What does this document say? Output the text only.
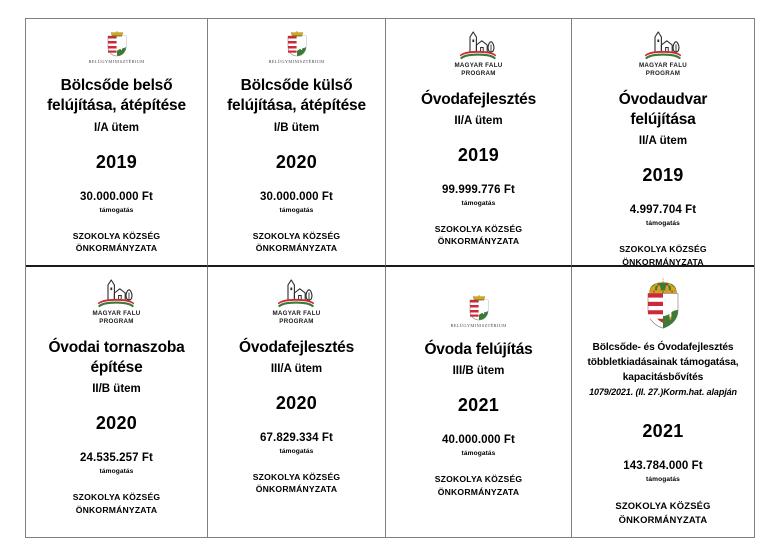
BELÜGYMINISZTÉRIUM
Bölcsőde belső
felújítása, átépítése
I/A ütem
2019
30.000.000 Ft
támogatás
SZOKOLYA KÖZSÉG
ÖNKORMÁNYZATA
BELÜGYMINISZTÉRIUM
Bölcsőde külső
felújítása, átépítése
I/B ütem
2020
30.000.000 Ft
támogatás
SZOKOLYA KÖZSÉG
ÖNKORMÁNYZATA
MAGYAR FALU
PROGRAM
Óvodafejlesztés
II/A ütem
2019
99.999.776 Ft
támogatás
SZOKOLYA KÖZSÉG
ÖNKORMÁNYZATA
MAGYAR FALU
PROGRAM
Óvodaudvar
felújítása
II/A ütem
2019
4.997.704 Ft
támogatás
SZOKOLYA KÖZSÉG
ÖNKORMÁNYZATA
MAGYAR FALU
PROGRAM
Óvodai tornaszoba
építése
II/B ütem
2020
24.535.257 Ft
támogatás
SZOKOLYA KÖZSÉG
ÖNKORMÁNYZATA
MAGYAR FALU
PROGRAM
Óvodafejlesztés
III/A ütem
2020
67.829.334 Ft
támogatás
SZOKOLYA KÖZSÉG
ÖNKORMÁNYZATA
BELÜGYMINISZTÉRIUM
Óvoda felújítás
III/B ütem
2021
40.000.000 Ft
támogatás
SZOKOLYA KÖZSÉG
ÖNKORMÁNYZATA
Bölcsőde- és Óvodafejlesztés
többletkiadásainak támogatása,
kapacitásbővítés
1079/2021. (II. 27.)Korm.hat. alapján
2021
143.784.000 Ft
támogatás
SZOKOLYA KÖZSÉG
ÖNKORMÁNYZATA
